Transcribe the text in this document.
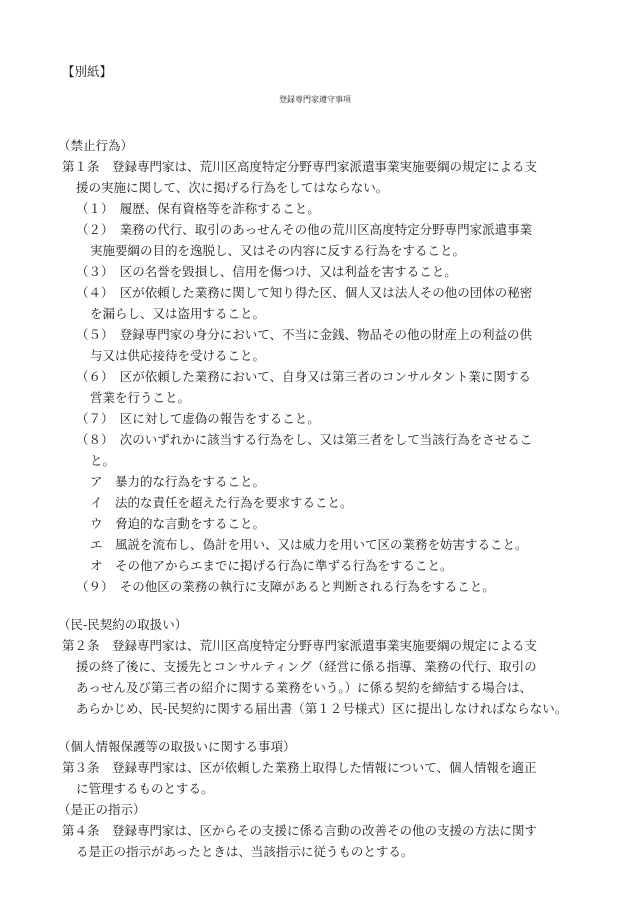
【別紙】
登録専門家遵守事項
（禁止行為）
第１条　登録専門家は、荒川区高度特定分野専門家派遣事業実施要綱の規定による支
援の実施に関して、次に掲げる行為をしてはならない。
（１）　履歴、保有資格等を詐称すること。
（２）　業務の代行、取引のあっせんその他の荒川区高度特定分野専門家派遣事業
実施要綱の目的を逸脱し、又はその内容に反する行為をすること。
（３）　区の名誉を毀損し、信用を傷つけ、又は利益を害すること。
（４）　区が依頼した業務に関して知り得た区、個人又は法人その他の団体の秘密
を漏らし、又は盗用すること。
（５）　登録専門家の身分において、不当に金銭、物品その他の財産上の利益の供
与又は供応接待を受けること。
（６）　区が依頼した業務において、自身又は第三者のコンサルタント業に関する
営業を行うこと。
（７）　区に対して虚偽の報告をすること。
（８）　次のいずれかに該当する行為をし、又は第三者をして当該行為をさせるこ
と。
ア　暴力的な行為をすること。
イ　法的な責任を超えた行為を要求すること。
ウ　脅迫的な言動をすること。
エ　風説を流布し、偽計を用い、又は威力を用いて区の業務を妨害すること。
オ　その他アからエまでに掲げる行為に準ずる行為をすること。
（９）　その他区の業務の執行に支障があると判断される行為をすること。
（民-民契約の取扱い）
第２条　登録専門家は、荒川区高度特定分野専門家派遣事業実施要綱の規定による支
援の終了後に、支援先とコンサルティング（経営に係る指導、業務の代行、取引の
あっせん及び第三者の紹介に関する業務をいう。）に係る契約を締結する場合は、
あらかじめ、民-民契約に関する届出書（第１２号様式）区に提出しなければならない。
（個人情報保護等の取扱いに関する事項）
第３条　登録専門家は、区が依頼した業務上取得した情報について、個人情報を適正
に管理するものとする。
（是正の指示）
第４条　登録専門家は、区からその支援に係る言動の改善その他の支援の方法に関す
る是正の指示があったときは、当該指示に従うものとする。
